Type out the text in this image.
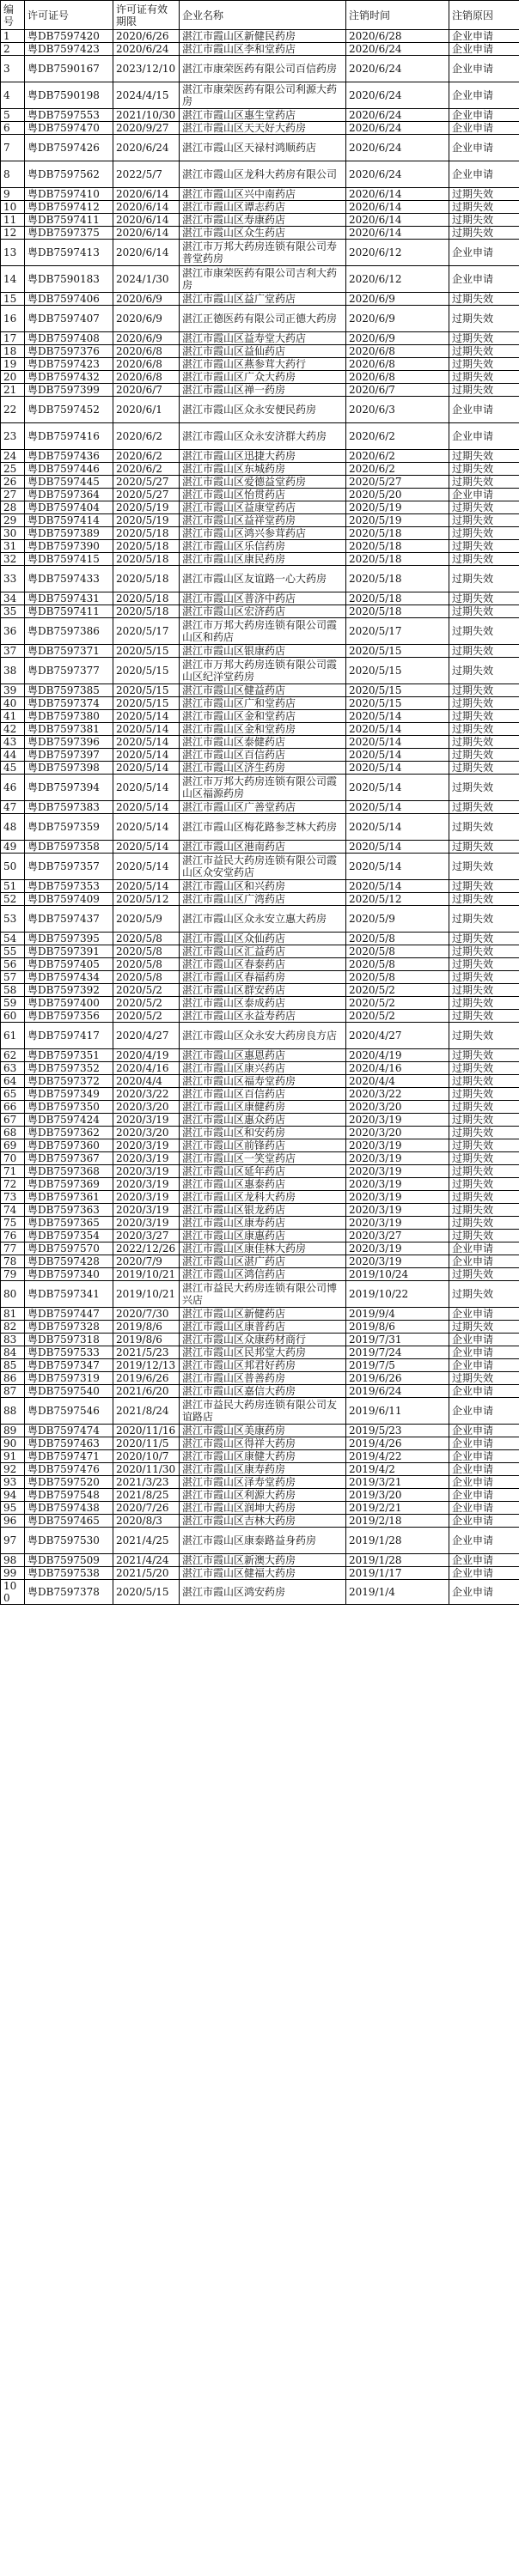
编号	许可证号	许可证有效期限	企业名称	注销时间	注销原因
1	粤DB7597420	2020/6/26	湛江市霞山区新健民药房	2020/6/28	企业申请
2	粤DB7597423	2020/6/24	湛江市霞山区李和堂药店	2020/6/24	企业申请
3	粤DB7590167	2023/12/10	湛江市康荣医药有限公司百信药房	2020/6/24	企业申请
4	粤DB7590198	2024/4/15	湛江市康荣医药有限公司利源大药房	2020/6/24	企业申请
5	粤DB7597553	2021/10/30	湛江市霞山区惠生堂药店	2020/6/24	企业申请
6	粤DB7597470	2020/9/27	湛江市霞山区天天好大药房	2020/6/24	企业申请
7	粤DB7597426	2020/6/24	湛江市霞山区天禄村鸿顺药店	2020/6/24	企业申请
8	粤DB7597562	2022/5/7	湛江市霞山区龙科大药房有限公司	2020/6/24	企业申请
9	粤DB7597410	2020/6/14	湛江市霞山区兴中南药店	2020/6/14	过期失效
10	粤DB7597412	2020/6/14	湛江市霞山区谭志药店	2020/6/14	过期失效
11	粤DB7597411	2020/6/14	湛江市霞山区寿康药店	2020/6/14	过期失效
12	粤DB7597375	2020/6/14	湛江市霞山区众生药店	2020/6/14	过期失效
13	粤DB7597413	2020/6/14	湛江市万邦大药房连锁有限公司寿普堂药房	2020/6/12	企业申请
14	粤DB7590183	2024/1/30	湛江市康荣医药有限公司吉利大药房	2020/6/12	企业申请
15	粤DB7597406	2020/6/9	湛江市霞山区益广堂药店	2020/6/9	过期失效
16	粤DB7597407	2020/6/9	湛江正德医药有限公司正德大药房	2020/6/9	过期失效
17	粤DB7597408	2020/6/9	湛江市霞山区益寿堂大药店	2020/6/9	过期失效
18	粤DB7597376	2020/6/8	湛江市霞山区益仙药店	2020/6/8	过期失效
19	粤DB7597423	2020/6/8	湛江市霞山区燕参茸大药行	2020/6/8	过期失效
20	粤DB7597432	2020/6/8	湛江市霞山区广众大药房	2020/6/8	过期失效
21	粤DB7597399	2020/6/7	湛江市霞山区禅一药房	2020/6/7	过期失效
22	粤DB7597452	2020/6/1	湛江市霞山区众永安便民药房	2020/6/3	企业申请
23	粤DB7597416	2020/6/2	湛江市霞山区众永安济群大药房	2020/6/2	企业申请
24	粤DB7597436	2020/6/2	湛江市霞山区迅捷大药房	2020/6/2	过期失效
25	粤DB7597446	2020/6/2	湛江市霞山区东城药房	2020/6/2	过期失效
26	粤DB7597445	2020/5/27	湛江市霞山区爱德益堂药房	2020/5/27	过期失效
27	粤DB7597364	2020/5/27	湛江市霞山区怡贯药店	2020/5/20	企业申请
28	粤DB7597404	2020/5/19	湛江市霞山区益康堂药店	2020/5/19	过期失效
29	粤DB7597414	2020/5/19	湛江市霞山区益祥堂药房	2020/5/19	过期失效
30	粤DB7597389	2020/5/18	湛江市霞山区鸿兴参茸药店	2020/5/18	过期失效
31	粤DB7597390	2020/5/18	湛江市霞山区乐信药房	2020/5/18	过期失效
32	粤DB7597415	2020/5/18	湛江市霞山区康民药房	2020/5/18	过期失效
33	粤DB7597433	2020/5/18	湛江市霞山区友谊路一心大药房	2020/5/18	过期失效
34	粤DB7597431	2020/5/18	湛江市霞山区普济中药店	2020/5/18	过期失效
35	粤DB7597411	2020/5/18	湛江市霞山区宏济药店	2020/5/18	过期失效
36	粤DB7597386	2020/5/17	湛江市万邦大药房连锁有限公司霞山区和药店	2020/5/17	过期失效
37	粤DB7597371	2020/5/15	湛江市霞山区银康药店	2020/5/15	过期失效
38	粤DB7597377	2020/5/15	湛江市万邦大药房连锁有限公司霞山区纪洋堂药房	2020/5/15	过期失效
39	粤DB7597385	2020/5/15	湛江市霞山区健益药店	2020/5/15	过期失效
40	粤DB7597374	2020/5/15	湛江市霞山区广和堂药店	2020/5/15	过期失效
41	粤DB7597380	2020/5/14	湛江市霞山区金和堂药店	2020/5/14	过期失效
42	粤DB7597381	2020/5/14	湛江市霞山区金和堂药房	2020/5/14	过期失效
43	粤DB7597396	2020/5/14	湛江市霞山区泰健药店	2020/5/14	过期失效
44	粤DB7597397	2020/5/14	湛江市霞山区百信药店	2020/5/14	过期失效
45	粤DB7597398	2020/5/14	湛江市霞山区济生药房	2020/5/14	过期失效
46	粤DB7597394	2020/5/14	湛江市万邦大药房连锁有限公司霞山区福源药房	2020/5/14	过期失效
47	粤DB7597383	2020/5/14	湛江市霞山区广善堂药店	2020/5/14	过期失效
48	粤DB7597359	2020/5/14	湛江市霞山区梅花路参芝林大药房	2020/5/14	过期失效
49	粤DB7597358	2020/5/14	湛江市霞山区港南药店	2020/5/14	过期失效
50	粤DB7597357	2020/5/14	湛江市益民大药房连锁有限公司霞山区众安堂药店	2020/5/14	过期失效
51	粤DB7597353	2020/5/14	湛江市霞山区和兴药房	2020/5/14	过期失效
52	粤DB7597409	2020/5/12	湛江市霞山区广湾药店	2020/5/12	过期失效
53	粤DB7597437	2020/5/9	湛江市霞山区众永安立惠大药房	2020/5/9	过期失效
54	粤DB7597395	2020/5/8	湛江市霞山区众仙药店	2020/5/8	过期失效
55	粤DB7597391	2020/5/8	湛江市霞山区汇益药店	2020/5/8	过期失效
56	粤DB7597405	2020/5/8	湛江市霞山区春泰药店	2020/5/8	过期失效
57	粤DB7597434	2020/5/8	湛江市霞山区春福药房	2020/5/8	过期失效
58	粤DB7597392	2020/5/2	湛江市霞山区群安药店	2020/5/2	过期失效
59	粤DB7597400	2020/5/2	湛江市霞山区泰成药店	2020/5/2	过期失效
60	粤DB7597356	2020/5/2	湛江市霞山区永益寿药店	2020/5/2	过期失效
61	粤DB7597417	2020/4/27	湛江市霞山区众永安大药房良方店	2020/4/27	过期失效
62	粤DB7597351	2020/4/19	湛江市霞山区惠恩药店	2020/4/19	过期失效
63	粤DB7597352	2020/4/16	湛江市霞山区康兴药店	2020/4/16	过期失效
64	粤DB7597372	2020/4/4	湛江市霞山区福寿堂药房	2020/4/4	过期失效
65	粤DB7597349	2020/3/22	湛江市霞山区百信药店	2020/3/22	过期失效
66	粤DB7597350	2020/3/20	湛江市霞山区康健药房	2020/3/20	过期失效
67	粤DB7597424	2020/3/19	湛江市霞山区惠众药店	2020/3/19	过期失效
68	粤DB7597362	2020/3/20	湛江市霞山区和安药房	2020/3/20	过期失效
69	粤DB7597360	2020/3/19	湛江市霞山区前锋药店	2020/3/19	过期失效
70	粤DB7597367	2020/3/19	湛江市霞山区一笑堂药店	2020/3/19	过期失效
71	粤DB7597368	2020/3/19	湛江市霞山区延年药店	2020/3/19	过期失效
72	粤DB7597369	2020/3/19	湛江市霞山区惠泰药店	2020/3/19	过期失效
73	粤DB7597361	2020/3/19	湛江市霞山区龙科大药房	2020/3/19	过期失效
74	粤DB7597363	2020/3/19	湛江市霞山区银龙药店	2020/3/19	过期失效
75	粤DB7597365	2020/3/19	湛江市霞山区康寿药店	2020/3/19	过期失效
76	粤DB7597354	2020/3/27	湛江市霞山区康惠药店	2020/3/27	过期失效
77	粤DB7597570	2022/12/26	湛江市霞山区康佳林大药房	2020/3/19	企业申请
78	粤DB7597428	2020/7/9	湛江市霞山区湛广药店	2020/3/19	企业申请
79	粤DB7597340	2019/10/21	湛江市霞山区鸿信药店	2019/10/24	过期失效
80	粤DB7597341	2019/10/21	湛江市益民大药房连锁有限公司博兴店	2019/10/22	过期失效
81	粤DB7597447	2020/7/30	湛江市霞山区新健药店	2019/9/4	企业申请
82	粤DB7597328	2019/8/6	湛江市霞山区康普药店	2019/8/6	过期失效
83	粤DB7597318	2019/8/6	湛江市霞山区众康药材商行	2019/7/31	企业申请
84	粤DB7597533	2021/5/23	湛江市霞山区民邦堂大药房	2019/7/24	企业申请
85	粤DB7597347	2019/12/13	湛江市霞山区邦君好药房	2019/7/5	企业申请
86	粤DB7597319	2019/6/26	湛江市霞山区普善药房	2019/6/26	过期失效
87	粤DB7597540	2021/6/20	湛江市霞山区嘉信大药房	2019/6/24	企业申请
88	粤DB7597546	2021/8/24	湛江市益民大药房连锁有限公司友谊路店	2019/6/11	企业申请
89	粤DB7597474	2020/11/16	湛江市霞山区美康药房	2019/5/23	企业申请
90	粤DB7597463	2020/11/5	湛江市霞山区得祥大药房	2019/4/26	企业申请
91	粤DB7597471	2020/10/7	湛江市霞山区康健大药房	2019/4/22	企业申请
92	粤DB7597476	2020/11/30	湛江市霞山区康寿药房	2019/4/2	企业申请
93	粤DB7597520	2021/3/23	湛江市霞山区泽寿堂药房	2019/3/21	企业申请
94	粤DB7597548	2021/8/25	湛江市霞山区利源大药房	2019/3/20	企业申请
95	粤DB7597438	2020/7/26	湛江市霞山区润坤大药房	2019/2/21	企业申请
96	粤DB7597465	2020/8/3	湛江市霞山区吉林大药房	2019/2/18	企业申请
97	粤DB7597530	2021/4/25	湛江市霞山区康泰路益身药房	2019/1/28	企业申请
98	粤DB7597509	2021/4/24	湛江市霞山区新澳大药房	2019/1/28	企业申请
99	粤DB7597538	2021/5/20	湛江市霞山区健福大药房	2019/1/17	企业申请
100	粤DB7597378	2020/5/15	湛江市霞山区鸿安药房	2019/1/4	企业申请
